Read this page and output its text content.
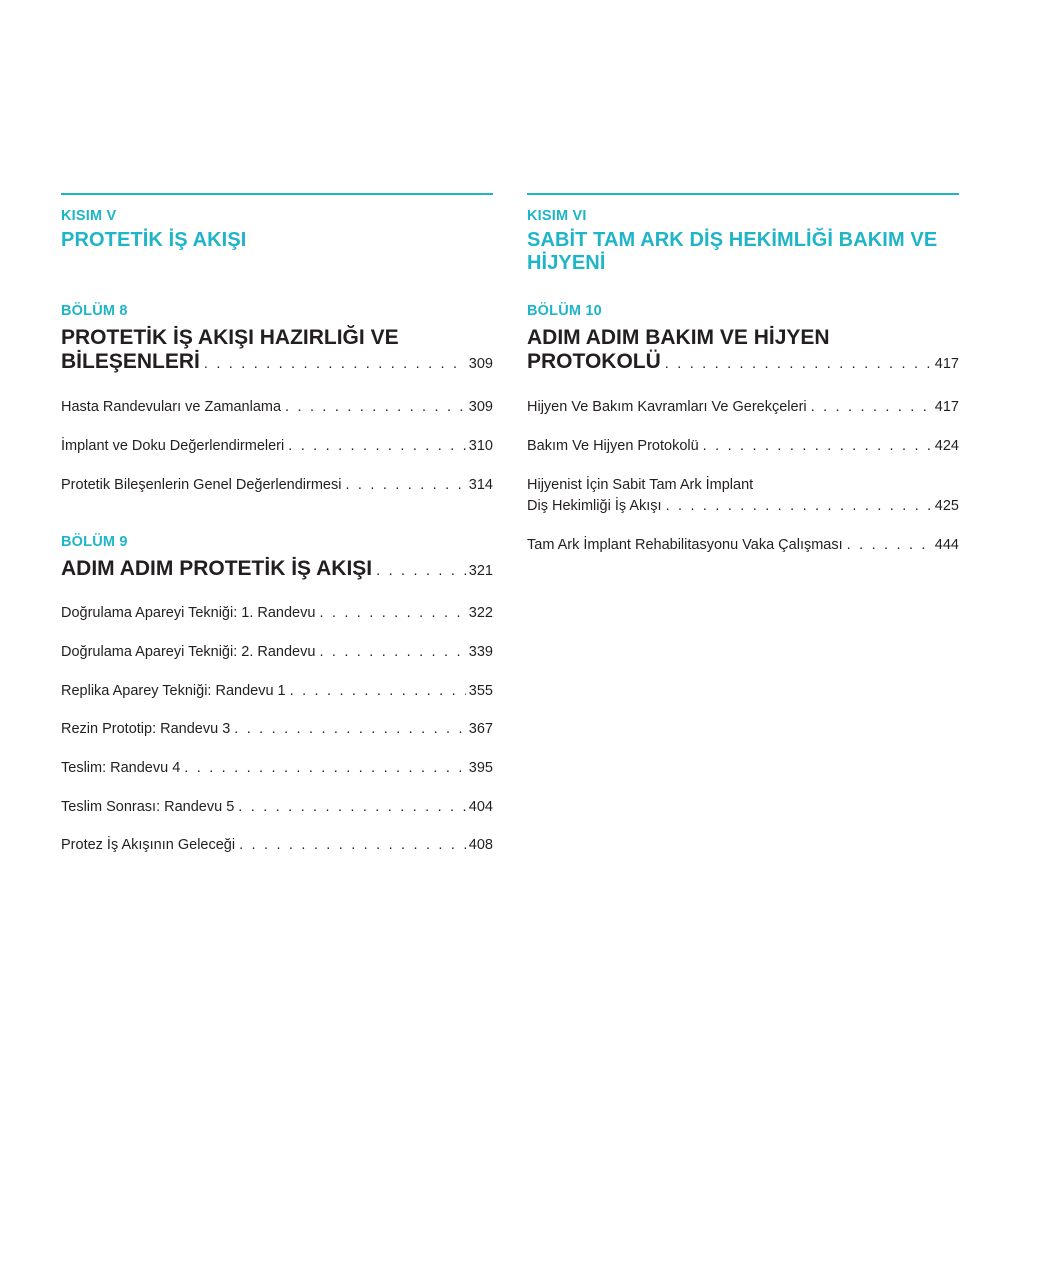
KISIM V
PROTETİK İŞ AKIŞI
BÖLÜM 8
PROTETİK İŞ AKIŞI HAZIRLIĞI VE
BİLEŞENLERİ . . .	309
Hasta Randevuları ve Zamanlama . . .	309
İmplant ve Doku Değerlendirmeleri . . .	310
Protetik Bileşenlerin Genel Değerlendirmesi . . .	314
BÖLÜM 9
ADIM ADIM PROTETİK İŞ AKIŞI . . .	321
Doğrulama Apareyi Tekniği: 1. Randevu . . .	322
Doğrulama Apareyi Tekniği: 2. Randevu . . .	339
Replika Aparey Tekniği: Randevu 1 . . .	355
Rezin Prototip: Randevu 3 . . .	367
Teslim: Randevu 4 . . .	395
Teslim Sonrası: Randevu 5 . . .	404
Protez İş Akışının Geleceği . . .	408
KISIM VI
SABİT TAM ARK DİŞ HEKİMLİĞİ BAKIM VE
HİJYENİ
BÖLÜM 10
ADIM ADIM BAKIM VE HİJYEN
PROTOKOLÜ . . .	417
Hijyen Ve Bakım Kavramları Ve Gerekçeleri . . .	417
Bakım Ve Hijyen Protokolü . . .	424
Hijyenist İçin Sabit Tam Ark İmplant
Diş Hekimliği İş Akışı . . .	425
Tam Ark İmplant Rehabilitasyonu Vaka Çalışması . . .	444
